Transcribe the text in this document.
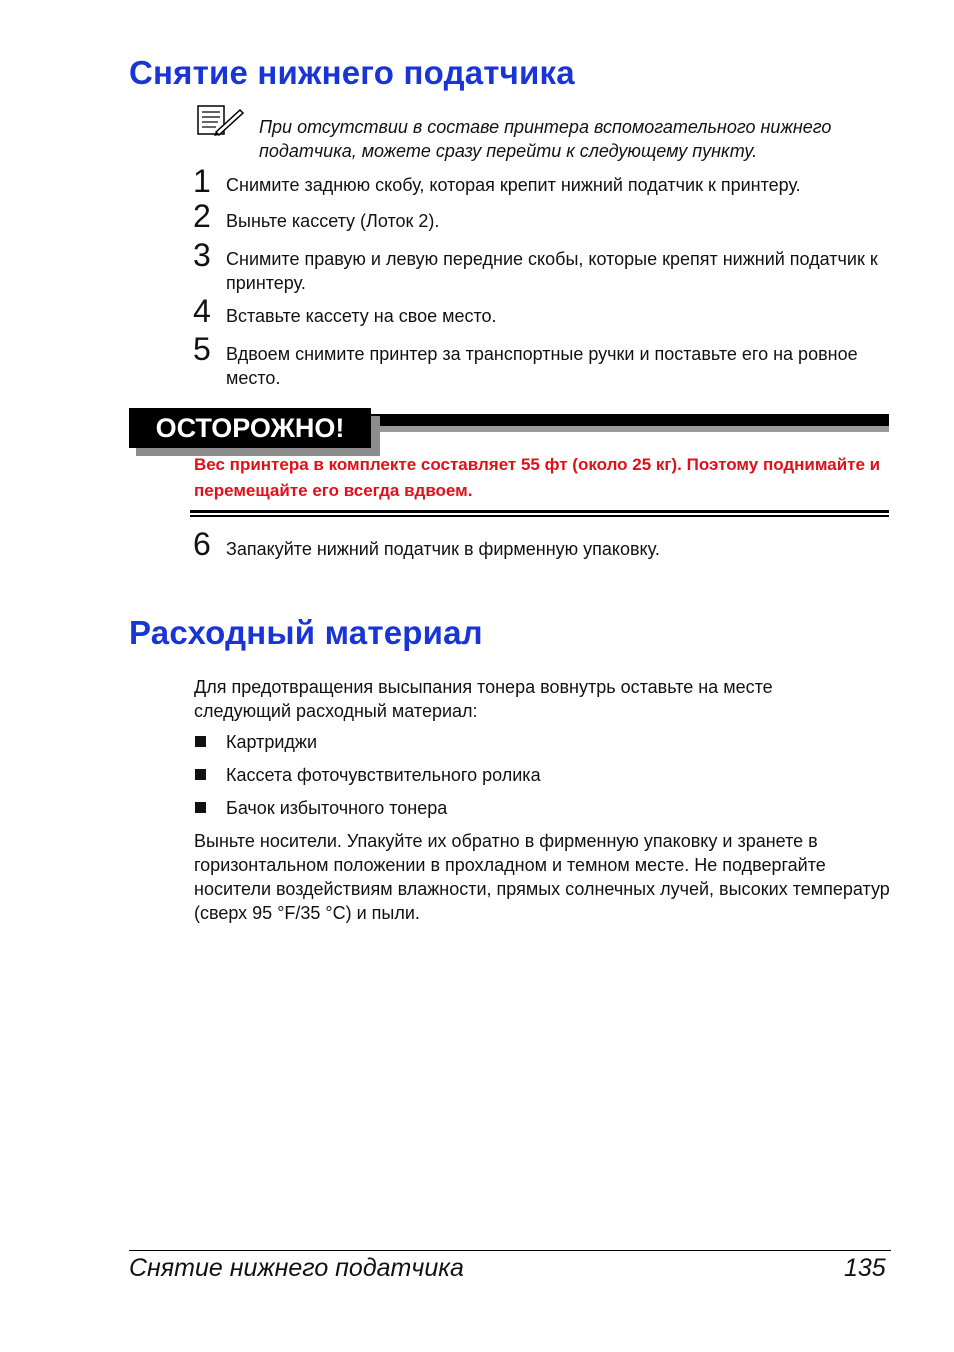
Снятие нижнего податчика
При отсутствии в составе принтера вспомогательного нижнего податчика, можете сразу перейти к следующему пункту.
1 Снимите заднюю скобу, которая крепит нижний податчик к принтеру.
2 Выньте кассету (Лоток 2).
3 Снимите правую и левую передние скобы, которые крепят нижний податчик к принтеру.
4 Вставьте кассету на свое место.
5 Вдвоем снимите принтер за транспортные ручки и поставьте его на ровное место.
ОСТОРОЖНО!
Вес принтера в комплекте составляет 55 фт (около 25 кг). Поэтому поднимайте и перемещайте его всегда вдвоем.
6 Запакуйте нижний податчик в фирменную упаковку.
Расходный материал
Для предотвращения высыпания тонера вовнутрь оставьте на месте следующий расходный материал:
Картриджи
Кассета фоточувствительного ролика
Бачок избыточного тонера
Выньте носители. Упакуйте их обратно в фирменную упаковку и зранете в горизонтальном положении в прохладном и темном месте. Не подвергайте носители воздействиям влажности, прямых солнечных лучей, высоких температур (сверх 95 °F/35 °C) и пыли.
Снятие нижнего податчика	135
